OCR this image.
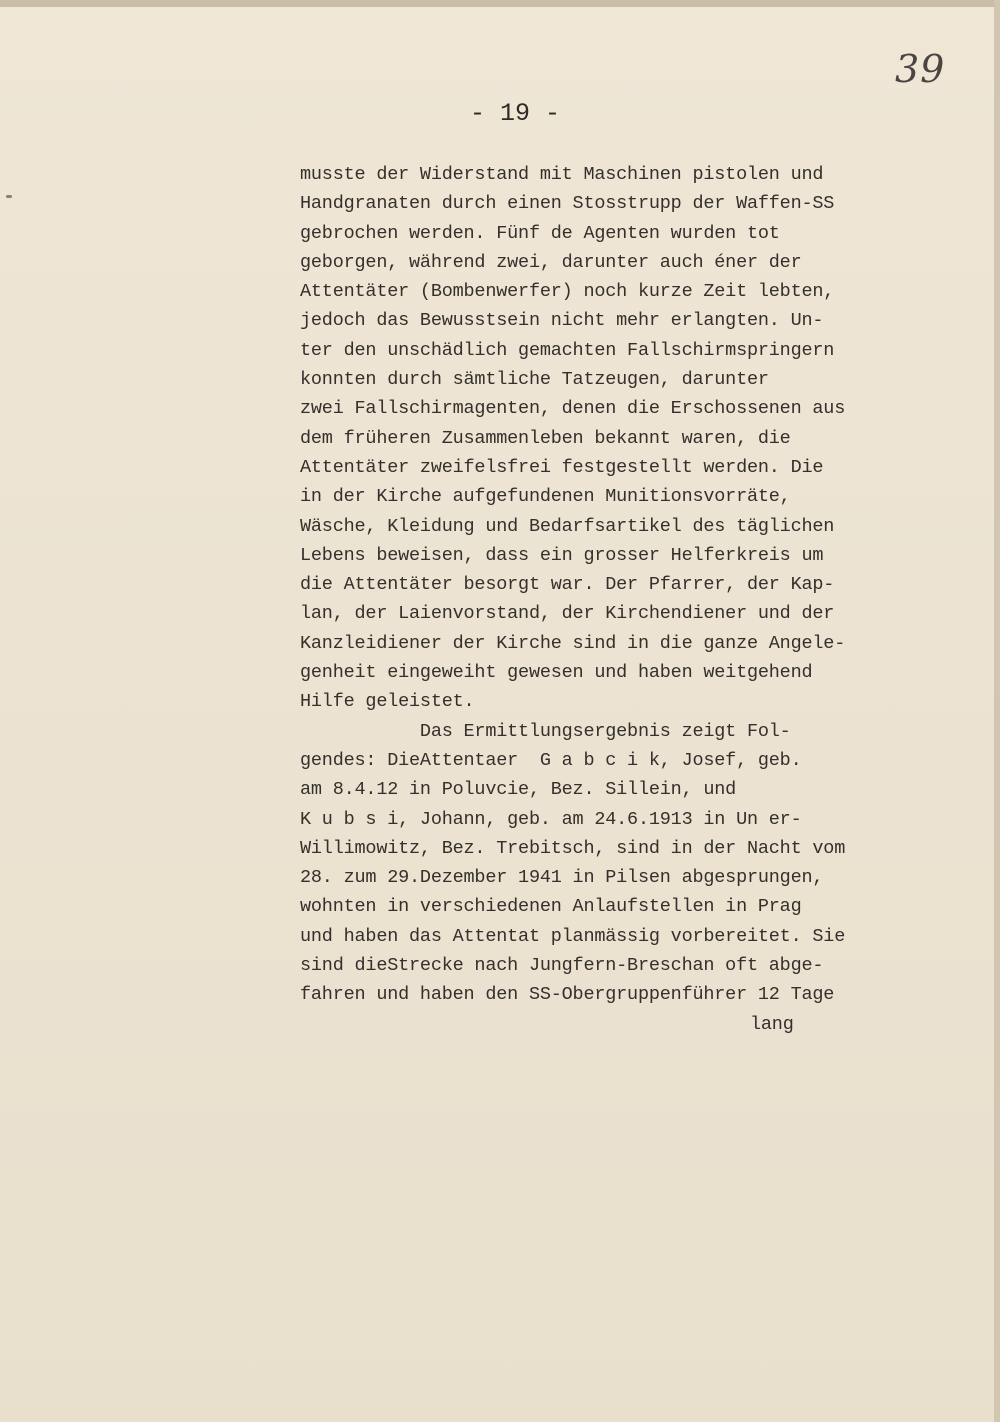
39
- 19 -
musste der Widerstand mit Maschinen pistolen und
Handgranaten durch einen Stosstrupp der Waffen-SS
gebrochen werden. Fünf de Agenten wurden tot
geborgen, während zwei, darunter auch éner der
Attentäter (Bombenwerfer) noch kurze Zeit lebten,
jedoch das Bewusstsein nicht mehr erlangten. Un-
ter den unschädlich gemachten Fallschirmspringern
konnten durch sämtliche Tatzeugen, darunter
zwei Fallschirmagenten, denen die Erschossenen aus
dem früheren Zusammenleben bekannt waren, die
Attentäter zweifelsfrei festgestellt werden. Die
in der Kirche aufgefundenen Munitionsvorräte,
Wäsche, Kleidung und Bedarfsartikel des täglichen
Lebens beweisen, dass ein grosser Helferkreis um
die Attentäter besorgt war. Der Pfarrer, der Kap-
lan, der Laienvorstand, der Kirchendiener und der
Kanzleidiener der Kirche sind in die ganze Angele-
genheit eingeweiht gewesen und haben weitgehend
Hilfe geleistet.
Das Ermittlungsergebnis zeigt Fol-
gendes: DieAttentaer  G a b c i k, Josef, geb.
am 8.4.12 in Poluvcie, Bez. Sillein, und
K u b s i, Johann, geb. am 24.6.1913 in Un er-
Willimowitz, Bez. Trebitsch, sind in der Nacht vom
28. zum 29.Dezember 1941 in Pilsen abgesprungen,
wohnten in verschiedenen Anlaufstellen in Prag
und haben das Attentat planmässig vorbereitet. Sie
sind dieStrecke nach Jungfern-Breschan oft abge-
fahren und haben den SS-Obergruppenführer 12 Tage
lang
